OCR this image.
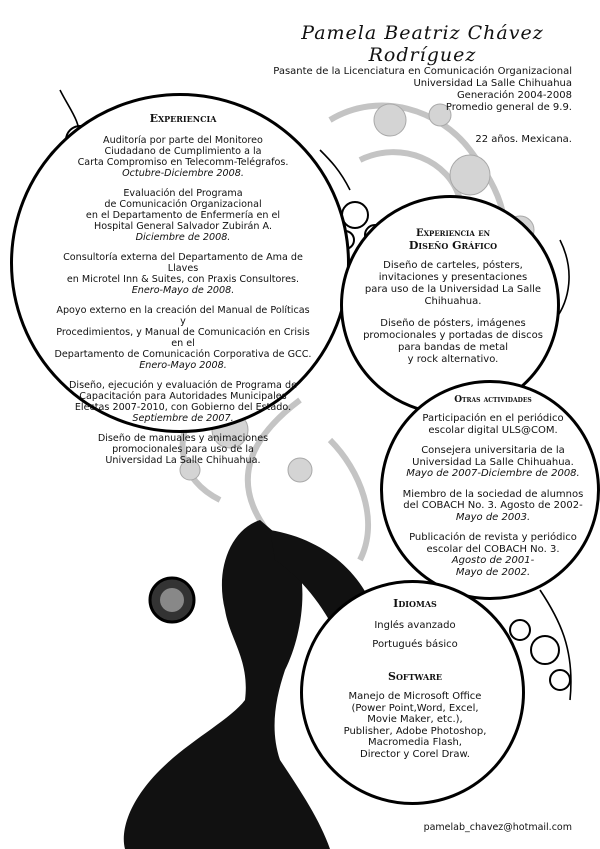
Pamela Beatriz Chávez Rodríguez
Pasante de la Licenciatura en Comunicación Organizacional
Universidad La Salle Chihuahua
Generación 2004-2008
Promedio general de 9.9.
22 años. Mexicana.
Experiencia
Auditoría por parte del Monitoreo
Ciudadano de Cumplimiento a la
Carta Compromiso en Telecomm-Telégrafos.
Octubre-Diciembre 2008.
Evaluación del Programa
de Comunicación Organizacional
en el Departamento de Enfermería en el
Hospital General Salvador Zubirán A.
Diciembre de 2008.
Consultoría externa del Departamento de Ama de Llaves
en Microtel Inn & Suites, con Praxis Consultores.
Enero-Mayo de 2008.
Apoyo externo en la creación del Manual de Políticas y
Procedimientos, y Manual de Comunicación en Crisis en el
Departamento de Comunicación Corporativa de GCC.
Enero-Mayo 2008.
Diseño, ejecución y evaluación de Programa de
Capacitación para Autoridades Municipales
Electas 2007-2010, con Gobierno del Estado.
Septiembre de 2007.
Diseño de manuales y animaciones
promocionales para uso de la
Universidad La Salle Chihuahua.
Experiencia en
Diseño Gráfico
Diseño de carteles, pósters,
invitaciones y presentaciones
para uso de la Universidad La Salle
Chihuahua.
Diseño de pósters, imágenes
promocionales y portadas de discos
para bandas de metal
y rock alternativo.
Otras actividades
Participación en el periódico
escolar digital ULS@COM.
Consejera universitaria de la
Universidad La Salle Chihuahua.
Mayo de 2007-Diciembre de 2008.
Miembro de la sociedad de alumnos
del COBACH No. 3. Agosto de 2002-
Mayo de 2003.
Publicación de revista y periódico
escolar del COBACH No. 3.
Agosto de 2001-
Mayo de 2002.
Idiomas
Inglés avanzado
Portugués básico
Software
Manejo de Microsoft Office
(Power Point,Word, Excel,
Movie Maker, etc.),
Publisher, Adobe Photoshop,
Macromedia Flash,
Director y Corel Draw.
pamelab_chavez@hotmail.com
